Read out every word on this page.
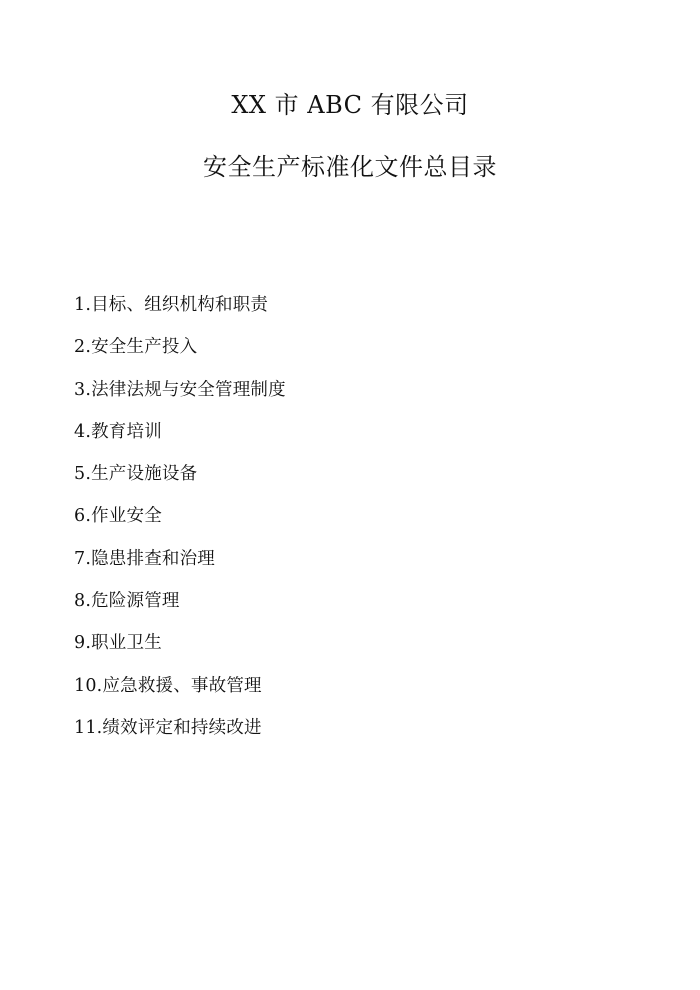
XX 市 ABC 有限公司
安全生产标准化文件总目录
1.目标、组织机构和职责
2.安全生产投入
3.法律法规与安全管理制度
4.教育培训
5.生产设施设备
6.作业安全
7.隐患排查和治理
8.危险源管理
9.职业卫生
10.应急救援、事故管理
11.绩效评定和持续改进
